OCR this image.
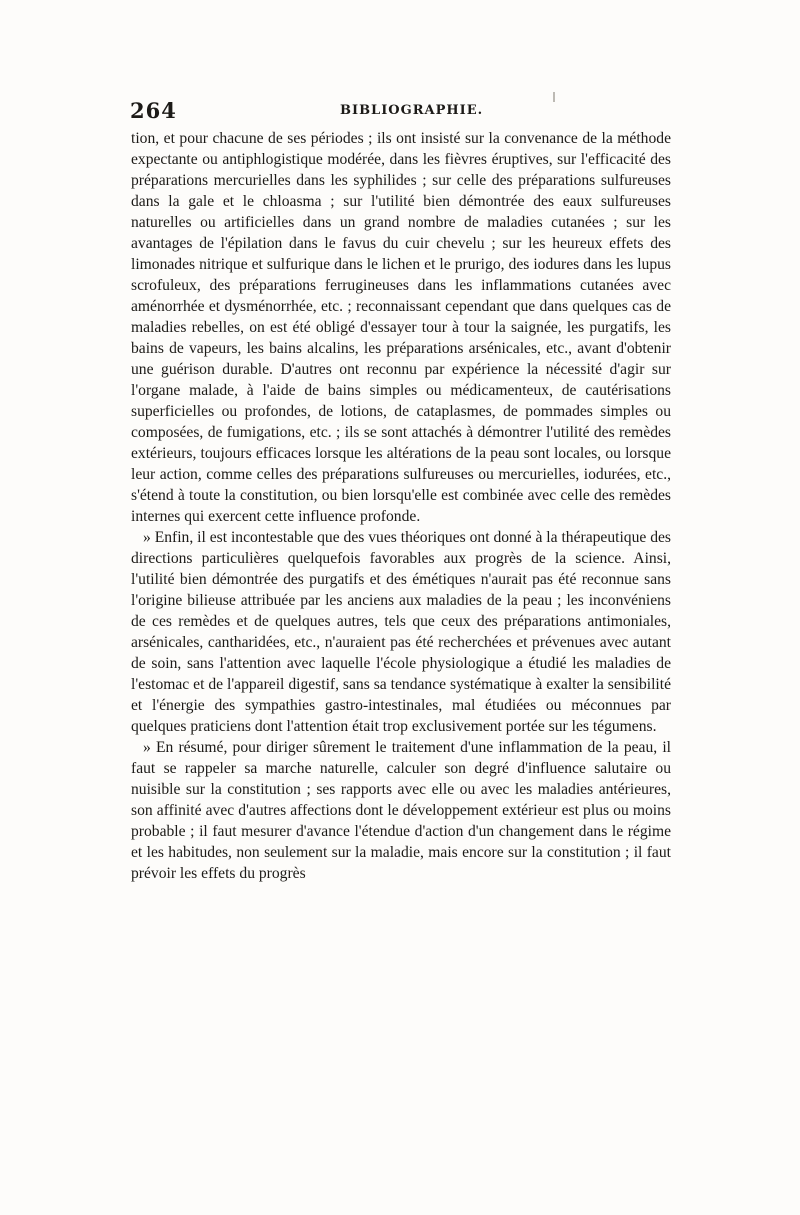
264	BIBLIOGRAPHIE.

tion, et pour chacune de ses périodes ; ils ont insisté sur la convenance de la méthode expectante ou antiphlogistique modérée, dans les fièvres éruptives, sur l'efficacité des préparations mercurielles dans les syphilides ; sur celle des préparations sulfureuses dans la gale et le chloasma ; sur l'utilité bien démontrée des eaux sulfureuses naturelles ou artificielles dans un grand nombre de maladies cutanées ; sur les avantages de l'épilation dans le favus du cuir chevelu ; sur les heureux effets des limonades nitrique et sulfurique dans le lichen et le prurigo, des iodures dans les lupus scrofuleux, des préparations ferrugineuses dans les inflammations cutanées avec aménorrhée et dysménorrhée, etc. ; reconnaissant cependant que dans quelques cas de maladies rebelles, on est été obligé d'essayer tour à tour la saignée, les purgatifs, les bains de vapeurs, les bains alcalins, les préparations arsénicales, etc., avant d'obtenir une guérison durable. D'autres ont reconnu par expérience la nécessité d'agir sur l'organe malade, à l'aide de bains simples ou médicamenteux, de cautérisations superficielles ou profondes, de lotions, de cataplasmes, de pommades simples ou composées, de fumigations, etc. ; ils se sont attachés à démontrer l'utilité des remèdes extérieurs, toujours efficaces lorsque les altérations de la peau sont locales, ou lorsque leur action, comme celles des préparations sulfureuses ou mercurielles, iodurées, etc., s'étend à toute la constitution, ou bien lorsqu'elle est combinée avec celle des remèdes internes qui exercent cette influence profonde.

» Enfin, il est incontestable que des vues théoriques ont donné à la thérapeutique des directions particulières quelquefois favorables aux progrès de la science. Ainsi, l'utilité bien démontrée des purgatifs et des émétiques n'aurait pas été reconnue sans l'origine bilieuse attribuée par les anciens aux maladies de la peau ; les inconvéniens de ces remèdes et de quelques autres, tels que ceux des préparations antimoniales, arsénicales, cantharidées, etc., n'auraient pas été recherchées et prévenues avec autant de soin, sans l'attention avec laquelle l'école physiologique a étudié les maladies de l'estomac et de l'appareil digestif, sans sa tendance systématique à exalter la sensibilité et l'énergie des sympathies gastro-intestinales, mal étudiées ou méconnues par quelques praticiens dont l'attention était trop exclusivement portée sur les tégumens.

» En résumé, pour diriger sûrement le traitement d'une inflammation de la peau, il faut se rappeler sa marche naturelle, calculer son degré d'influence salutaire ou nuisible sur la constitution ; ses rapports avec elle ou avec les maladies antérieures, son affinité avec d'autres affections dont le développement extérieur est plus ou moins probable ; il faut mesurer d'avance l'étendue d'action d'un changement dans le régime et les habitudes, non seulement sur la maladie, mais encore sur la constitution ; il faut prévoir les effets du progrès
